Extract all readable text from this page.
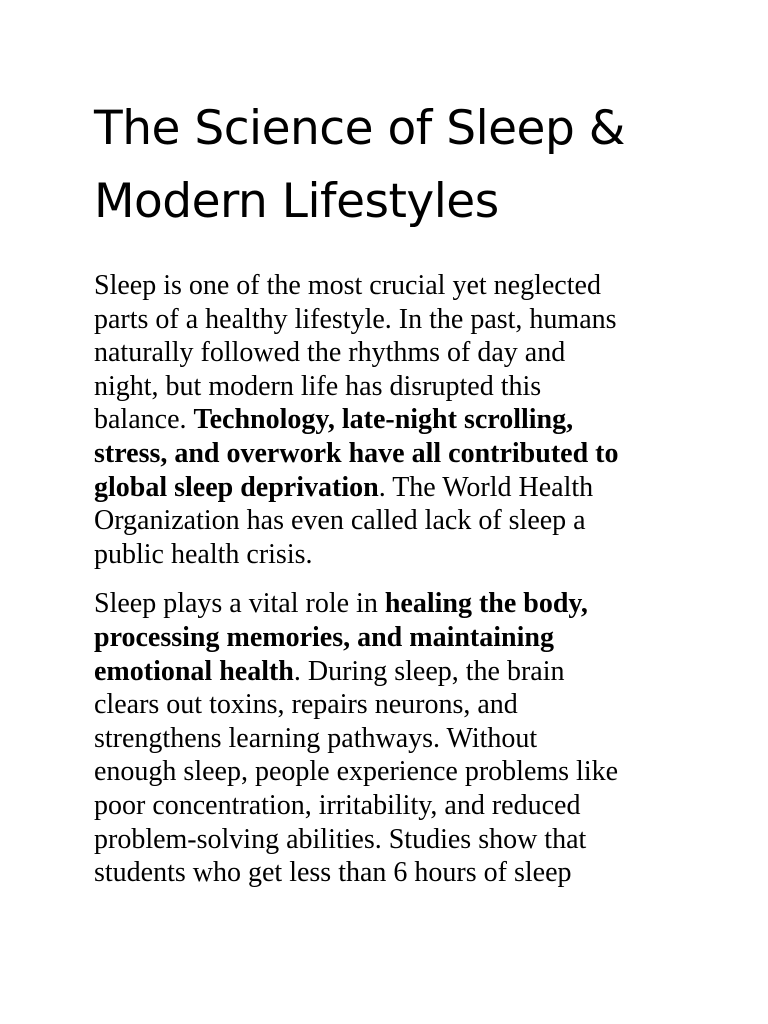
The Science of Sleep &
Modern Lifestyles

Sleep is one of the most crucial yet neglected
parts of a healthy lifestyle. In the past, humans
naturally followed the rhythms of day and
night, but modern life has disrupted this
balance. Technology, late-night scrolling,
stress, and overwork have all contributed to
global sleep deprivation. The World Health
Organization has even called lack of sleep a
public health crisis.

Sleep plays a vital role in healing the body,
processing memories, and maintaining
emotional health. During sleep, the brain
clears out toxins, repairs neurons, and
strengthens learning pathways. Without
enough sleep, people experience problems like
poor concentration, irritability, and reduced
problem-solving abilities. Studies show that
students who get less than 6 hours of sleep
